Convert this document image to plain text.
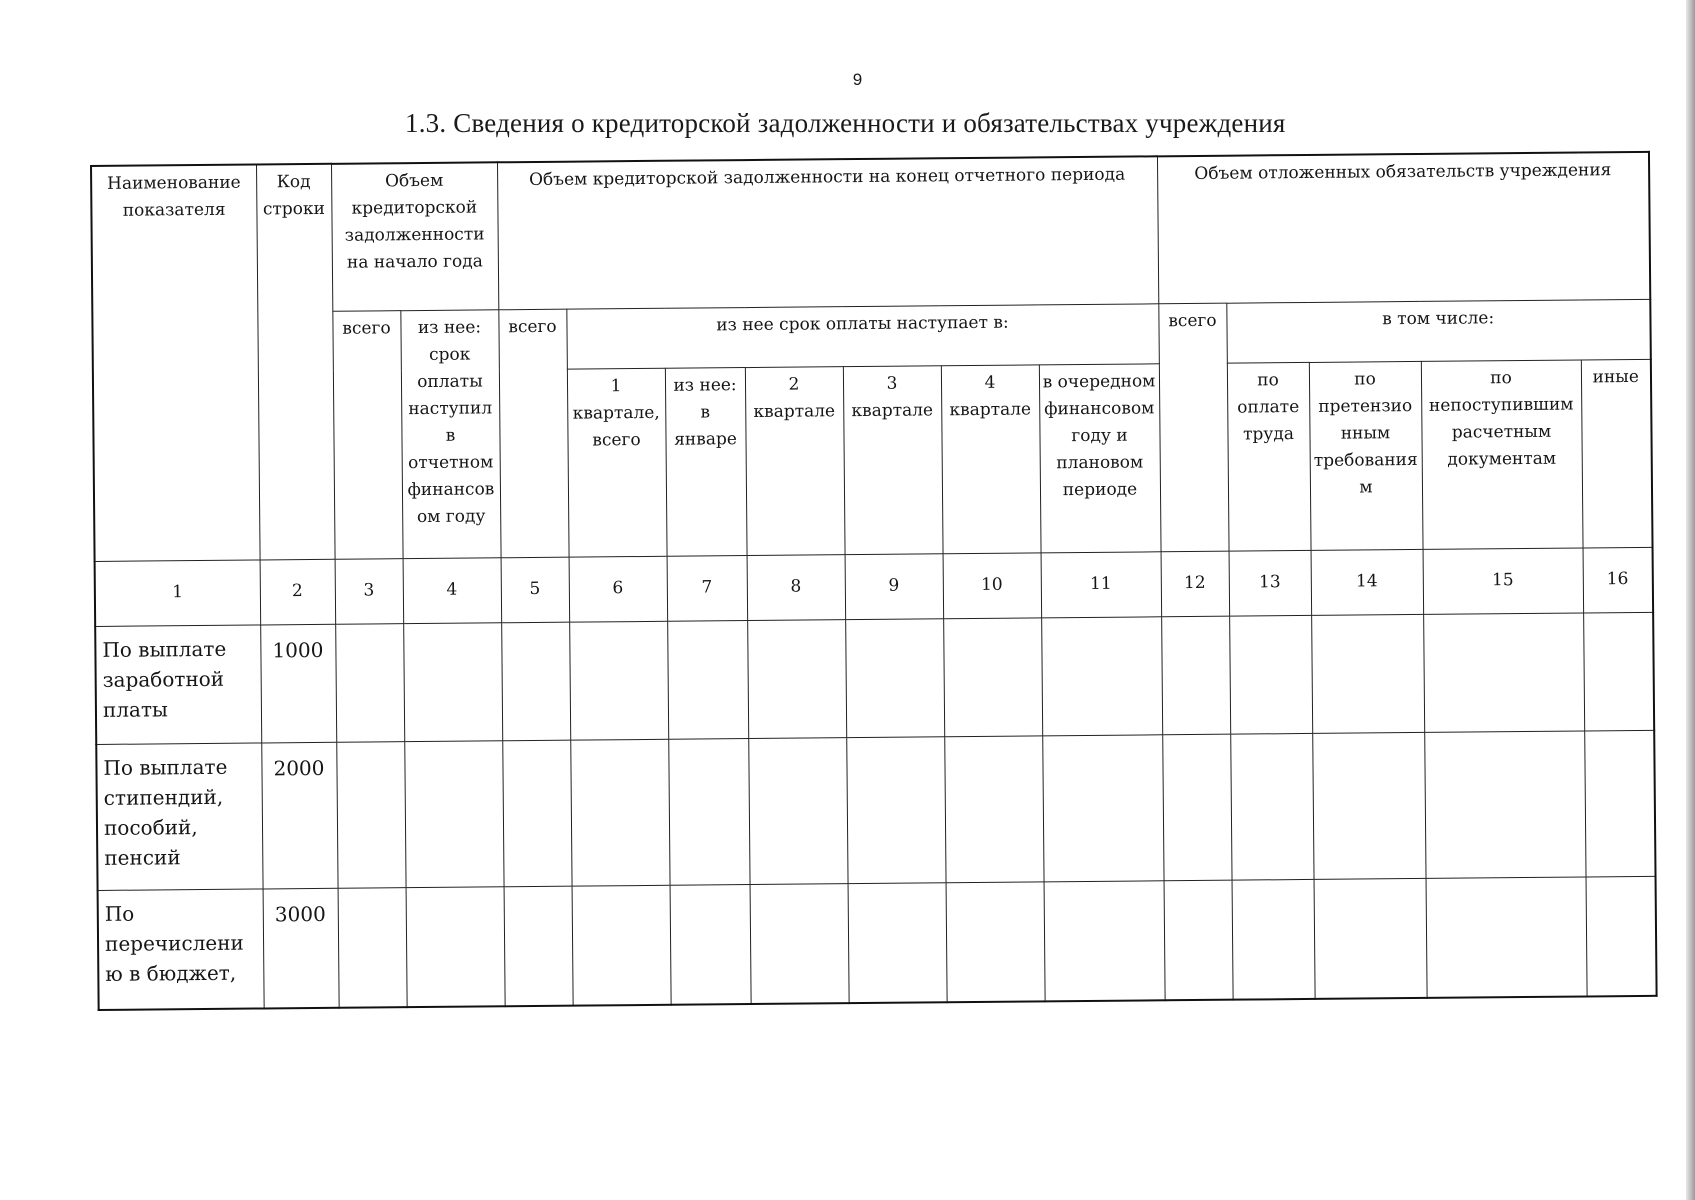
9
1.3. Сведения о кредиторской задолженности и обязательствах учреждения
Наименование показателя	Код строки	Объем кредиторской задолженности на начало года		Объем кредиторской задолженности на конец отчетного периода							Объем отложенных обязательств учреждения				
		всего	из нее: срок оплаты наступил в отчетном финансовом году	всего	из нее срок оплаты наступает в:						всего	в том числе:			
					1 квартале, всего	из нее: в январе	2 квартале	3 квартале	4 квартале	в очередном финансовом году и плановом периоде		по оплате труда	по претензионным требованиям	по непоступившим расчетным документам	иные
1	2	3	4	5	6	7	8	9	10	11	12	13	14	15	16
По выплате заработной платы	1000														
По выплате стипендий, пособий, пенсий	2000														
По перечислению в бюджет,	3000														
